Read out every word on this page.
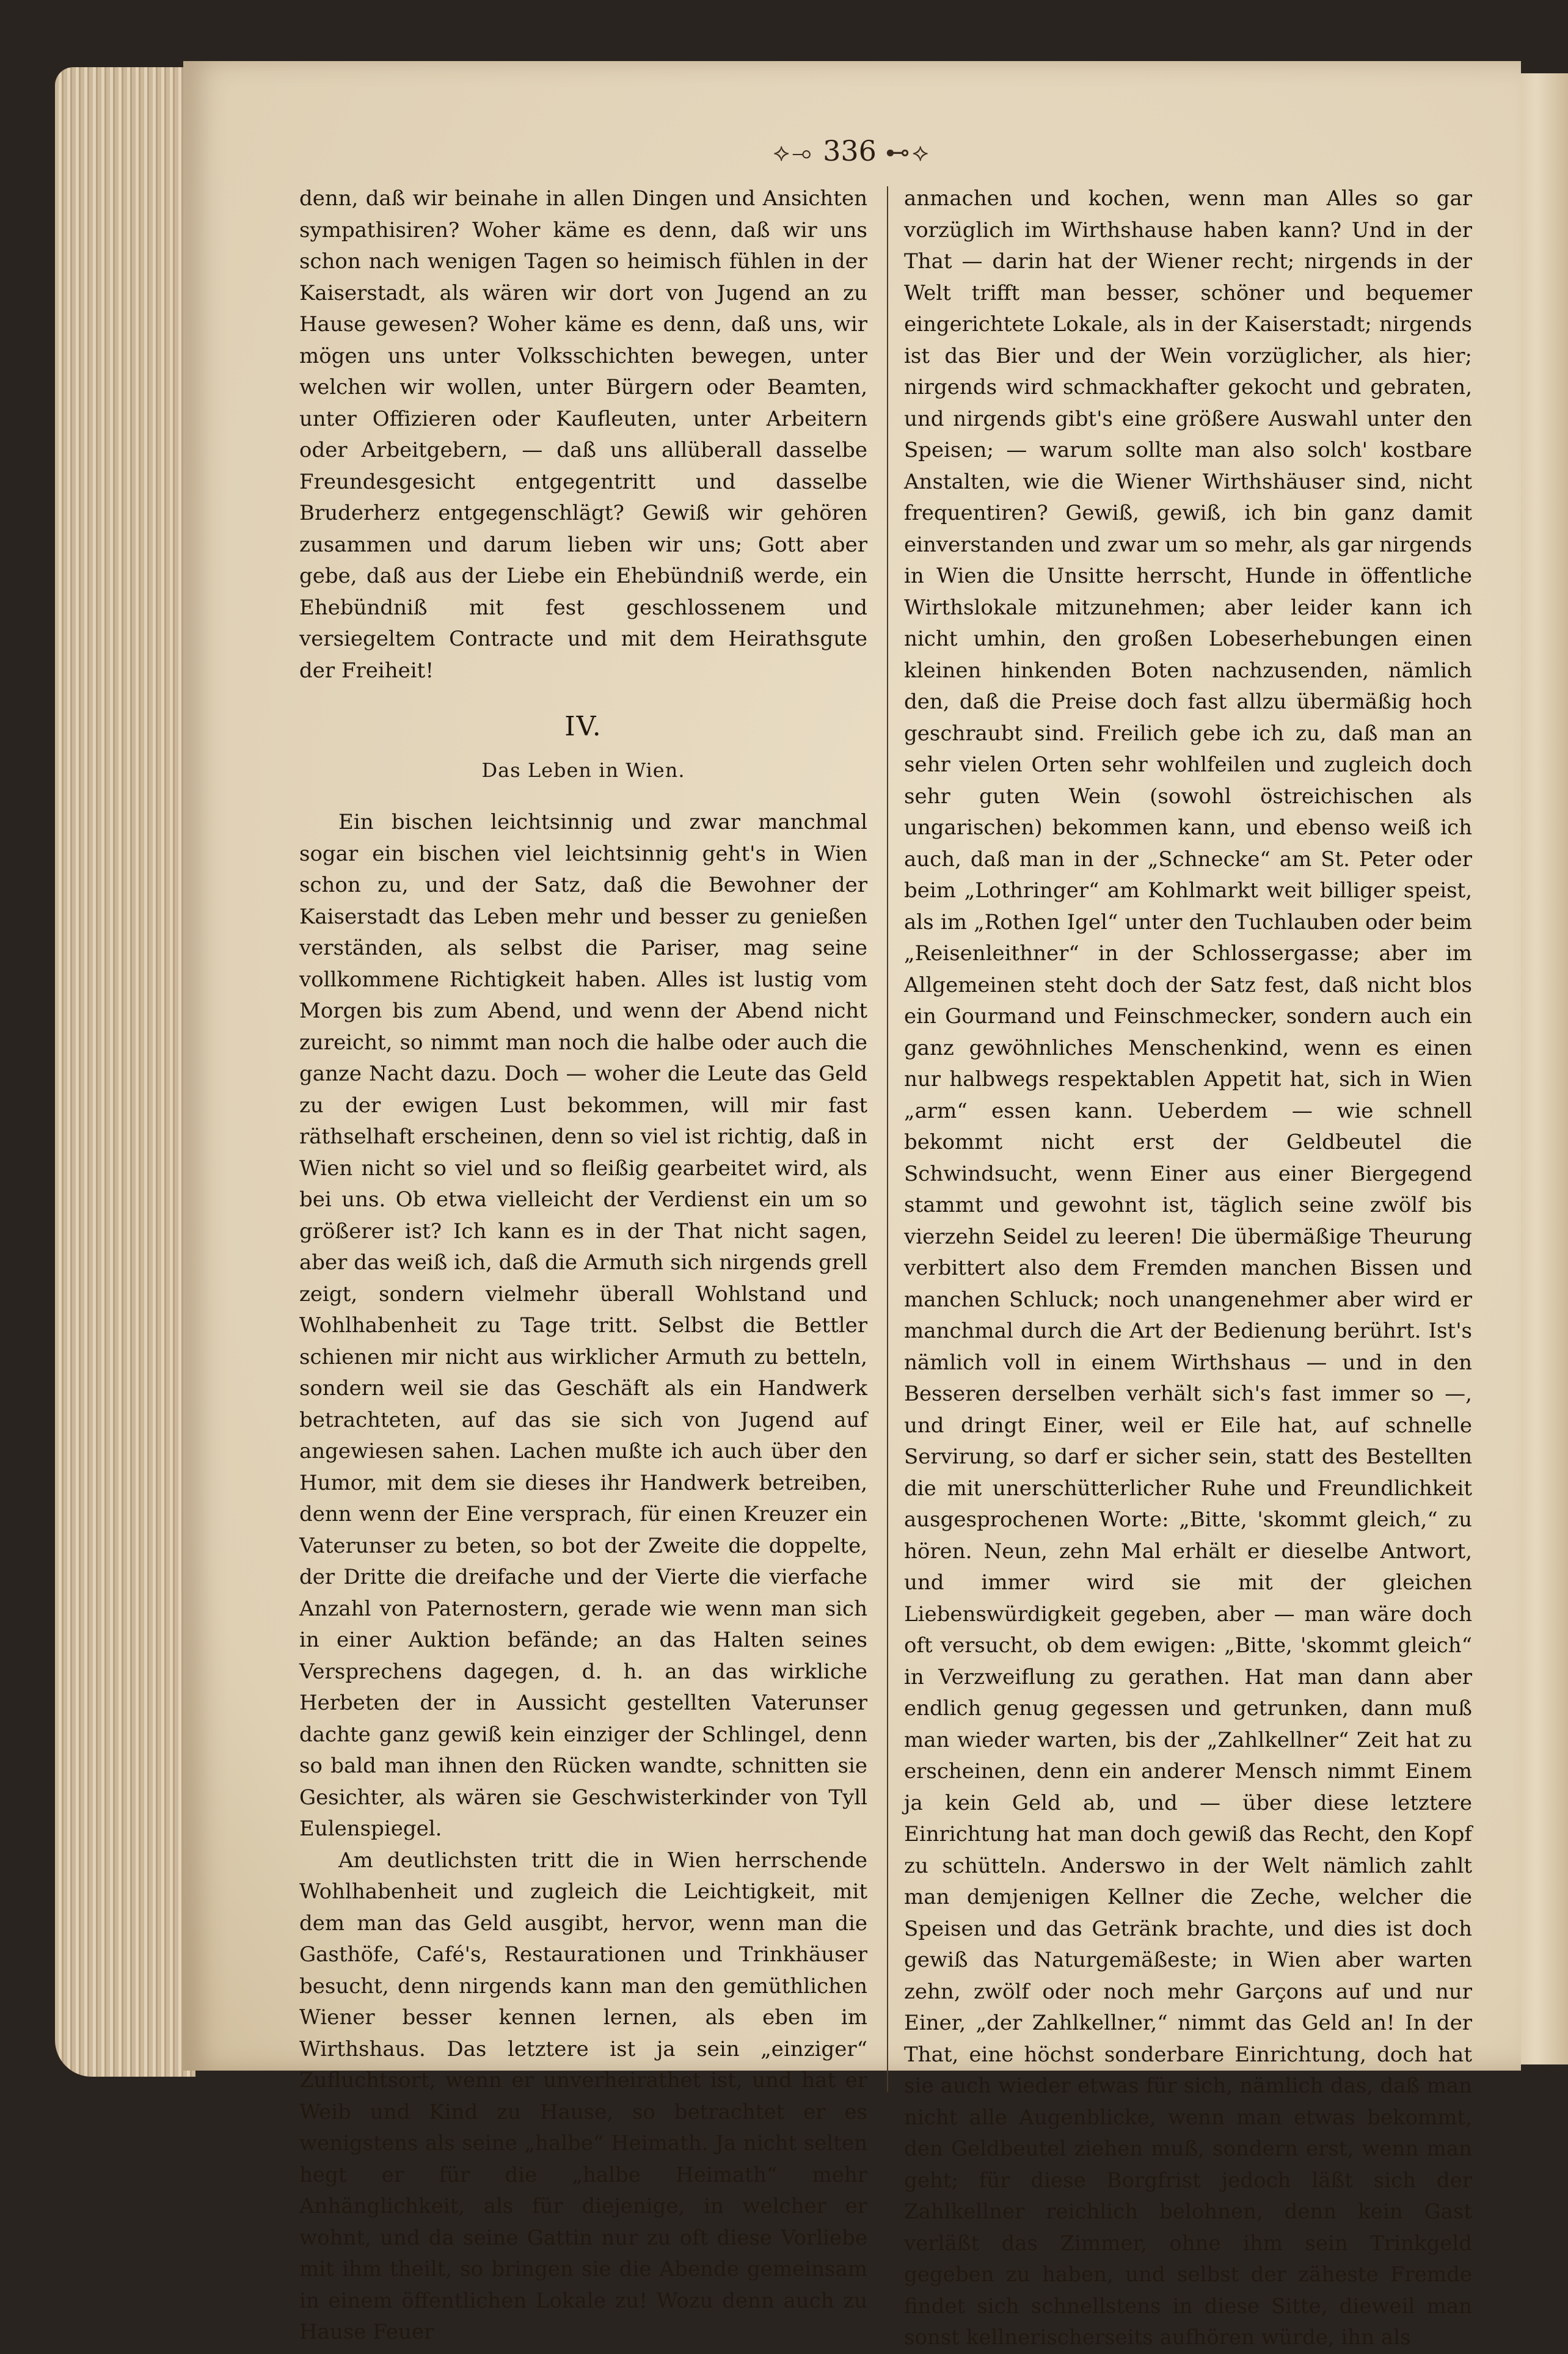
⟡⊸ 336 ⊷⟡

denn, daß wir beinahe in allen Dingen und Ansichten sympathisiren? Woher käme es denn, daß wir uns schon nach wenigen Tagen so heimisch fühlen in der Kaiserstadt, als wären wir dort von Jugend an zu Hause gewesen? Woher käme es denn, daß uns, wir mögen uns unter Volksschichten bewegen, unter welchen wir wollen, unter Bürgern oder Beamten, unter Offizieren oder Kaufleuten, unter Arbeitern oder Arbeitgebern, — daß uns allüberall dasselbe Freundesgesicht entgegentritt und dasselbe Bruderherz entgegenschlägt? Gewiß wir gehören zusammen und darum lieben wir uns; Gott aber gebe, daß aus der Liebe ein Ehebündniß werde, ein Ehebündniß mit fest geschlossenem und versiegeltem Contracte und mit dem Heirathsgute der Freiheit!

IV.
Das Leben in Wien.

Ein bischen leichtsinnig und zwar manchmal sogar ein bischen viel leichtsinnig geht's in Wien schon zu, und der Satz, daß die Bewohner der Kaiserstadt das Leben mehr und besser zu genießen verständen, als selbst die Pariser, mag seine vollkommene Richtigkeit haben. Alles ist lustig vom Morgen bis zum Abend, und wenn der Abend nicht zureicht, so nimmt man noch die halbe oder auch die ganze Nacht dazu. Doch — woher die Leute das Geld zu der ewigen Lust bekommen, will mir fast räthselhaft erscheinen, denn so viel ist richtig, daß in Wien nicht so viel und so fleißig gearbeitet wird, als bei uns. Ob etwa vielleicht der Verdienst ein um so größerer ist? Ich kann es in der That nicht sagen, aber das weiß ich, daß die Armuth sich nirgends grell zeigt, sondern vielmehr überall Wohlstand und Wohlhabenheit zu Tage tritt. Selbst die Bettler schienen mir nicht aus wirklicher Armuth zu betteln, sondern weil sie das Geschäft als ein Handwerk betrachteten, auf das sie sich von Jugend auf angewiesen sahen. Lachen mußte ich auch über den Humor, mit dem sie dieses ihr Handwerk betreiben, denn wenn der Eine versprach, für einen Kreuzer ein Vaterunser zu beten, so bot der Zweite die doppelte, der Dritte die dreifache und der Vierte die vierfache Anzahl von Paternostern, gerade wie wenn man sich in einer Auktion befände; an das Halten seines Versprechens dagegen, d. h. an das wirkliche Herbeten der in Aussicht gestellten Vaterunser dachte ganz gewiß kein einziger der Schlingel, denn so bald man ihnen den Rücken wandte, schnitten sie Gesichter, als wären sie Geschwisterkinder von Tyll Eulenspiegel.

Am deutlichsten tritt die in Wien herrschende Wohlhabenheit und zugleich die Leichtigkeit, mit dem man das Geld ausgibt, hervor, wenn man die Gasthöfe, Café's, Restaurationen und Trinkhäuser besucht, denn nirgends kann man den gemüthlichen Wiener besser kennen lernen, als eben im Wirthshaus. Das letztere ist ja sein „einziger“ Zufluchtsort, wenn er unverheirathet ist, und hat er Weib und Kind zu Hause, so betrachtet er es wenigstens als seine „halbe“ Heimath. Ja nicht selten hegt er für die „halbe Heimath“ mehr Anhänglichkeit, als für diejenige, in welcher er wohnt, und da seine Gattin nur zu oft diese Vorliebe mit ihm theilt, so bringen sie die Abende gemeinsam in einem öffentlichen Lokale zu! Wozu denn auch zu Hause Feuer

anmachen und kochen, wenn man Alles so gar vorzüglich im Wirthshause haben kann? Und in der That — darin hat der Wiener recht; nirgends in der Welt trifft man besser, schöner und bequemer eingerichtete Lokale, als in der Kaiserstadt; nirgends ist das Bier und der Wein vorzüglicher, als hier; nirgends wird schmackhafter gekocht und gebraten, und nirgends gibt's eine größere Auswahl unter den Speisen; — warum sollte man also solch' kostbare Anstalten, wie die Wiener Wirthshäuser sind, nicht frequentiren? Gewiß, gewiß, ich bin ganz damit einverstanden und zwar um so mehr, als gar nirgends in Wien die Unsitte herrscht, Hunde in öffentliche Wirthslokale mitzunehmen; aber leider kann ich nicht umhin, den großen Lobeserhebungen einen kleinen hinkenden Boten nachzusenden, nämlich den, daß die Preise doch fast allzu übermäßig hoch geschraubt sind. Freilich gebe ich zu, daß man an sehr vielen Orten sehr wohlfeilen und zugleich doch sehr guten Wein (sowohl östreichischen als ungarischen) bekommen kann, und ebenso weiß ich auch, daß man in der „Schnecke“ am St. Peter oder beim „Lothringer“ am Kohlmarkt weit billiger speist, als im „Rothen Igel“ unter den Tuchlauben oder beim „Reisenleithner“ in der Schlossergasse; aber im Allgemeinen steht doch der Satz fest, daß nicht blos ein Gourmand und Feinschmecker, sondern auch ein ganz gewöhnliches Menschenkind, wenn es einen nur halbwegs respektablen Appetit hat, sich in Wien „arm“ essen kann. Ueberdem — wie schnell bekommt nicht erst der Geldbeutel die Schwindsucht, wenn Einer aus einer Biergegend stammt und gewohnt ist, täglich seine zwölf bis vierzehn Seidel zu leeren! Die übermäßige Theurung verbittert also dem Fremden manchen Bissen und manchen Schluck; noch unangenehmer aber wird er manchmal durch die Art der Bedienung berührt. Ist's nämlich voll in einem Wirthshaus — und in den Besseren derselben verhält sich's fast immer so —, und dringt Einer, weil er Eile hat, auf schnelle Servirung, so darf er sicher sein, statt des Bestellten die mit unerschütterlicher Ruhe und Freundlichkeit ausgesprochenen Worte: „Bitte, 'skommt gleich,“ zu hören. Neun, zehn Mal erhält er dieselbe Antwort, und immer wird sie mit der gleichen Liebenswürdigkeit gegeben, aber — man wäre doch oft versucht, ob dem ewigen: „Bitte, 'skommt gleich“ in Verzweiflung zu gerathen. Hat man dann aber endlich genug gegessen und getrunken, dann muß man wieder warten, bis der „Zahlkellner“ Zeit hat zu erscheinen, denn ein anderer Mensch nimmt Einem ja kein Geld ab, und — über diese letztere Einrichtung hat man doch gewiß das Recht, den Kopf zu schütteln. Anderswo in der Welt nämlich zahlt man demjenigen Kellner die Zeche, welcher die Speisen und das Getränk brachte, und dies ist doch gewiß das Naturgemäßeste; in Wien aber warten zehn, zwölf oder noch mehr Garçons auf und nur Einer, „der Zahlkellner,“ nimmt das Geld an! In der That, eine höchst sonderbare Einrichtung, doch hat sie auch wieder etwas für sich, nämlich das, daß man nicht alle Augenblicke, wenn man etwas bekommt, den Geldbeutel ziehen muß, sondern erst, wenn man geht; für diese Borgfrist jedoch läßt sich der Zahlkellner reichlich belohnen, denn kein Gast verläßt das Zimmer, ohne ihm sein Trinkgeld gegeben zu haben, und selbst der zäheste Fremde findet sich schnellstens in diese Sitte, dieweil man sonst kellnerischerseits aufhören würde, ihn als
